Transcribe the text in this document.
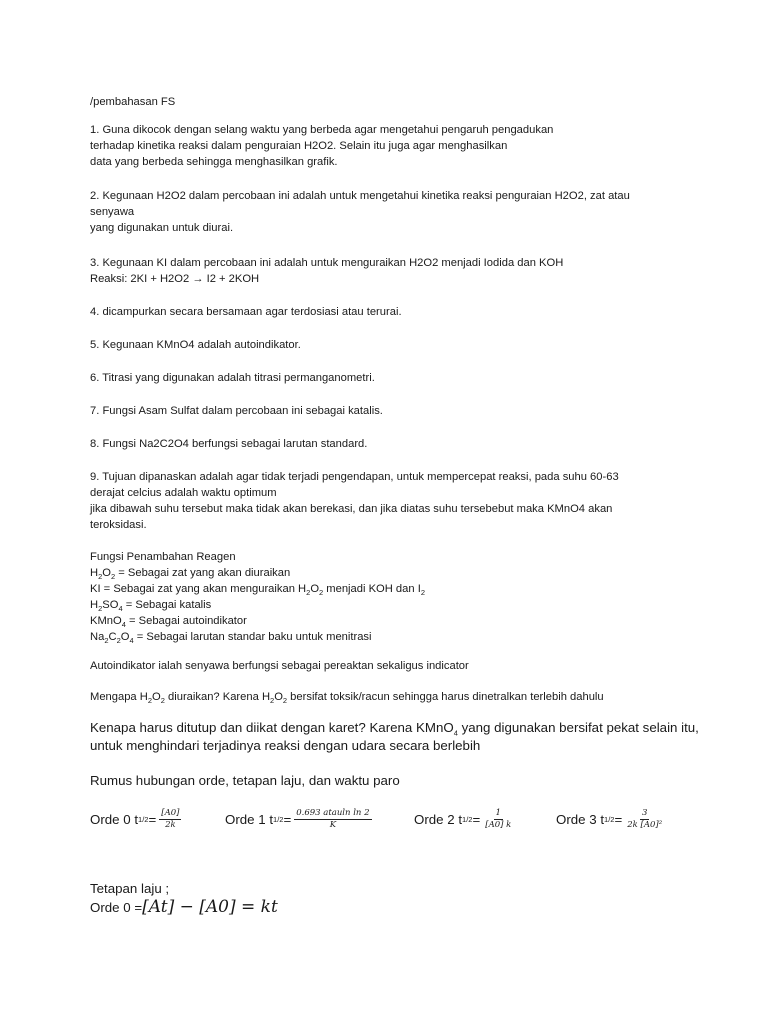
/pembahasan FS

1. Guna dikocok dengan selang waktu yang berbeda agar mengetahui pengaruh pengadukan

terhadap kinetika reaksi dalam penguraian H2O2. Selain itu juga agar menghasilkan

data yang berbeda sehingga menghasilkan grafik.

2. Kegunaan H2O2 dalam percobaan ini adalah untuk mengetahui kinetika reaksi penguraian H2O2, zat atau

senyawa

yang digunakan untuk diurai.

3. Kegunaan KI dalam percobaan ini adalah untuk menguraikan H2O2 menjadi Iodida dan KOH

Reaksi: 2KI + H2O2 → I2 + 2KOH

4. dicampurkan secara bersamaan agar terdosiasi atau terurai.

5. Kegunaan KMnO4 adalah autoindikator.

6. Titrasi yang digunakan adalah titrasi permanganometri.

7. Fungsi Asam Sulfat dalam percobaan ini sebagai katalis.

8. Fungsi Na2C2O4 berfungsi sebagai larutan standard.

9. Tujuan dipanaskan adalah agar tidak terjadi pengendapan, untuk mempercepat reaksi, pada suhu 60-63

derajat celcius adalah waktu optimum

jika dibawah suhu tersebut maka tidak akan berekasi, dan jika diatas suhu tersebebut maka KMnO4 akan

teroksidasi.

Fungsi Penambahan Reagen

$H_2O_2$ = Sebagai zat yang akan diuraikan

KI = Sebagai zat yang akan menguraikan $H_2O_2$ menjadi KOH dan $I_2$

$H_2SO_4$ = Sebagai katalis

KMnO$_4$ = Sebagai autoindikator

$Na_2C_2O_4$ = Sebagai larutan standar baku untuk menitrasi

Autoindikator ialah senyawa berfungsi sebagai pereaktan sekaligus indicator

Mengapa $H_2O_2$ diuraikan? Karena $H_2O_2$ bersifat toksik/racun sehingga harus dinetralkan terlebih dahulu

Kenapa harus ditutup dan diikat dengan karet? Karena KMnO$_4$ yang digunakan bersifat pekat selain itu,

untuk menghindari terjadinya reaksi dengan udara secara berlebih

Rumus hubungan orde, tetapan laju, dan waktu paro

Orde 0 t $1/2 = \frac{[A0]}{2k}$	Orde 1 t $1/2 = \frac{\text{0.693 atauln ln 2}}{K}$	Orde 2 t $1/2 = \frac{1}{[A0] k}$	Orde 3 t $1/2 = \frac{3}{\text{2k [A0]²}}$

Tetapan laju ;

Orde 0 =[At] − [A0] = kt
